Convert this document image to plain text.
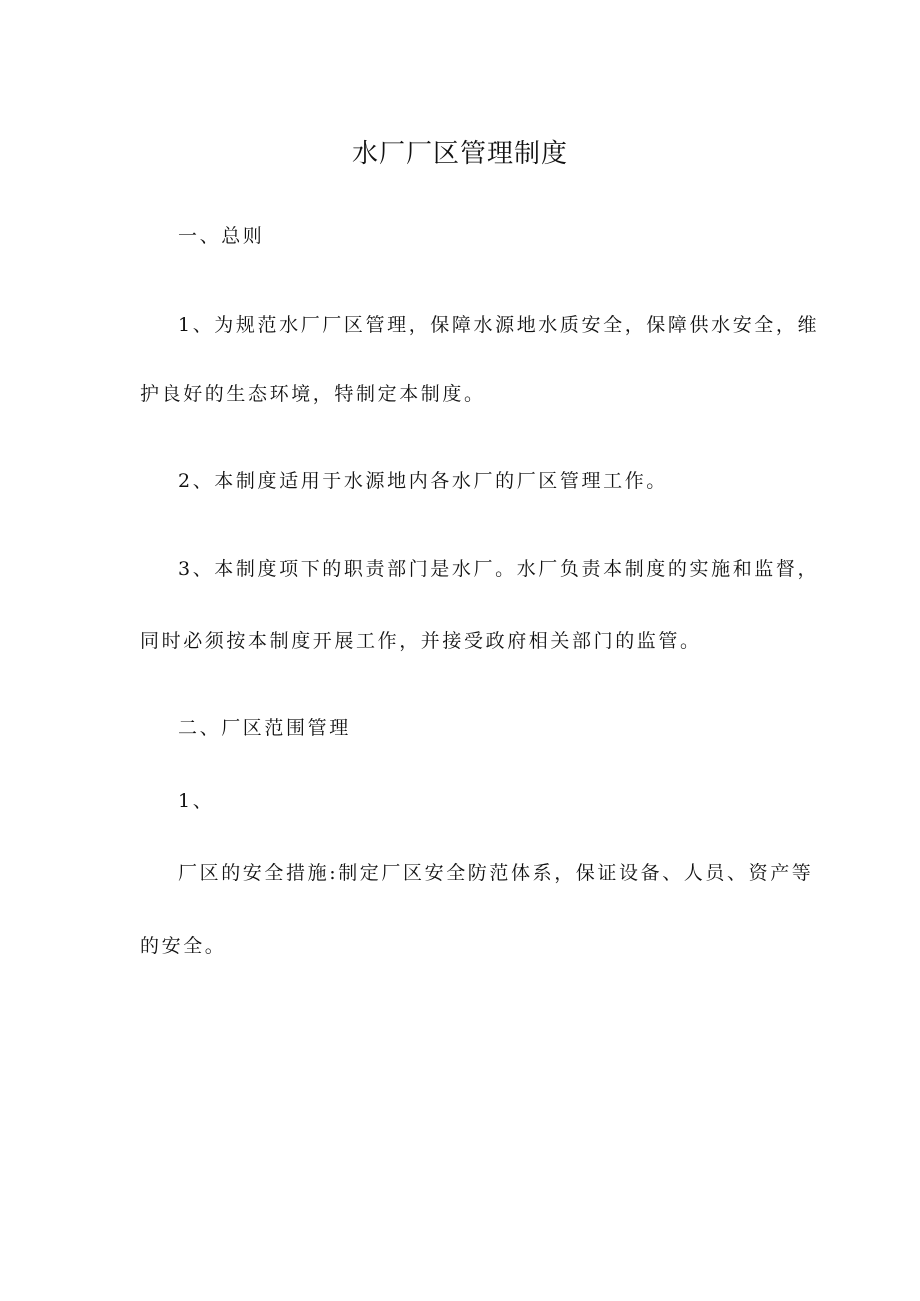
水厂厂区管理制度

一、总则

1、为规范水厂厂区管理，保障水源地水质安全，保障供水安全，维

护良好的生态环境，特制定本制度。

2、本制度适用于水源地内各水厂的厂区管理工作。

3、本制度项下的职责部门是水厂。水厂负责本制度的实施和监督，

同时必须按本制度开展工作，并接受政府相关部门的监管。

二、厂区范围管理

1、

厂区的安全措施:制定厂区安全防范体系，保证设备、人员、资产等

的安全。
